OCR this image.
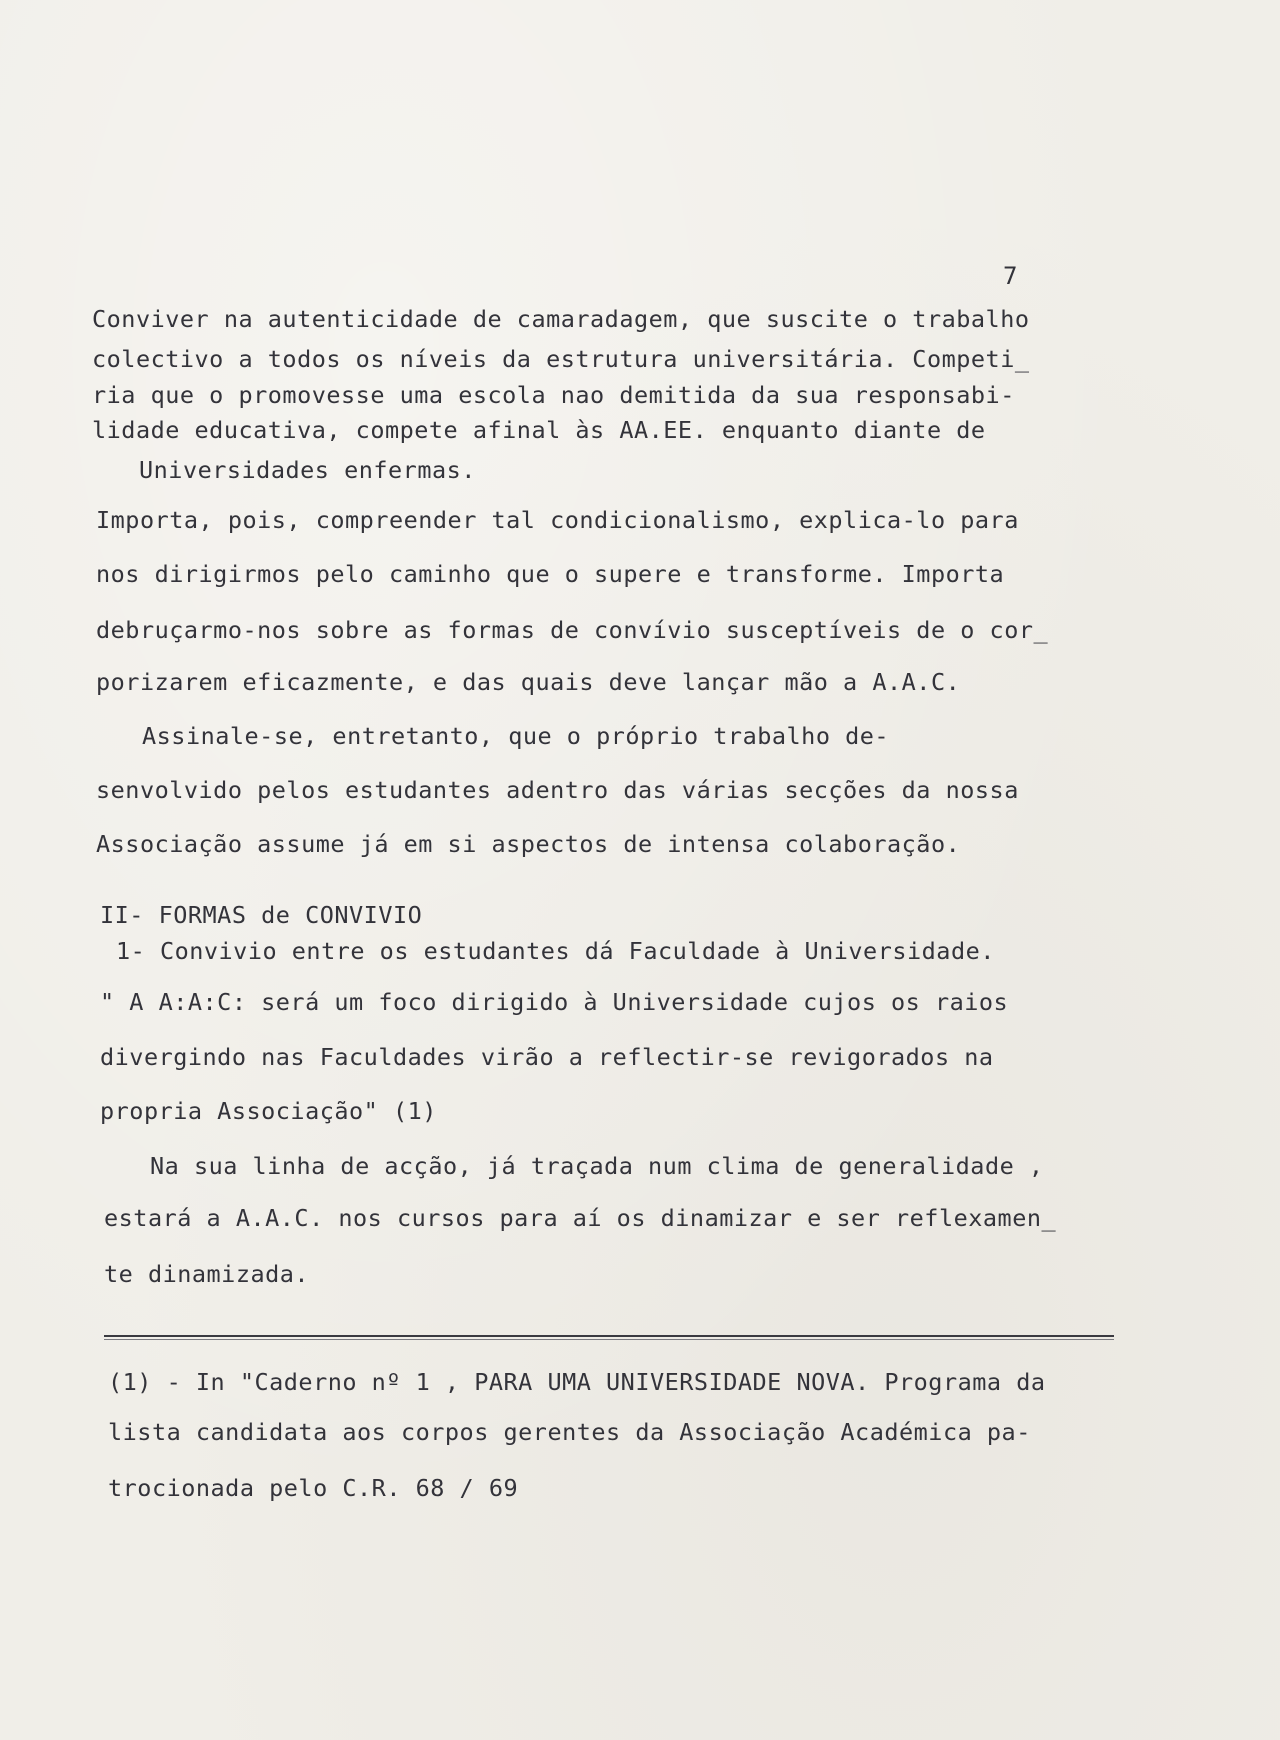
7
Conviver na autenticidade de camaradagem, que suscite o trabalho
colectivo a todos os níveis da estrutura universitária. Competi_
ria que o promovesse uma escola nao demitida da sua responsabi-
lidade educativa, compete afinal às AA.EE. enquanto diante de
Universidades enfermas.
Importa, pois, compreender tal condicionalismo, explica-lo para
nos dirigirmos pelo caminho que o supere e transforme. Importa
debruçarmo-nos sobre as formas de convívio susceptíveis de o cor_
porizarem eficazmente, e das quais deve lançar mão a A.A.C.
Assinale-se, entretanto, que o próprio trabalho de-
senvolvido pelos estudantes adentro das várias secções da nossa
Associação assume já em si aspectos de intensa colaboração.
II- FORMAS de CONVIVIO
1- Convivio entre os estudantes dá Faculdade à Universidade.
" A A:A:C: será um foco dirigido à Universidade cujos os raios
divergindo nas Faculdades virão a reflectir-se revigorados na
propria Associação" (1)
Na sua linha de acção, já traçada num clima de generalidade ,
estará a A.A.C. nos cursos para aí os dinamizar e ser reflexamen_
te dinamizada.
(1) - In "Caderno nº 1 , PARA UMA UNIVERSIDADE NOVA. Programa da
lista candidata aos corpos gerentes da Associação Académica pa-
trocionada pelo C.R. 68 / 69
